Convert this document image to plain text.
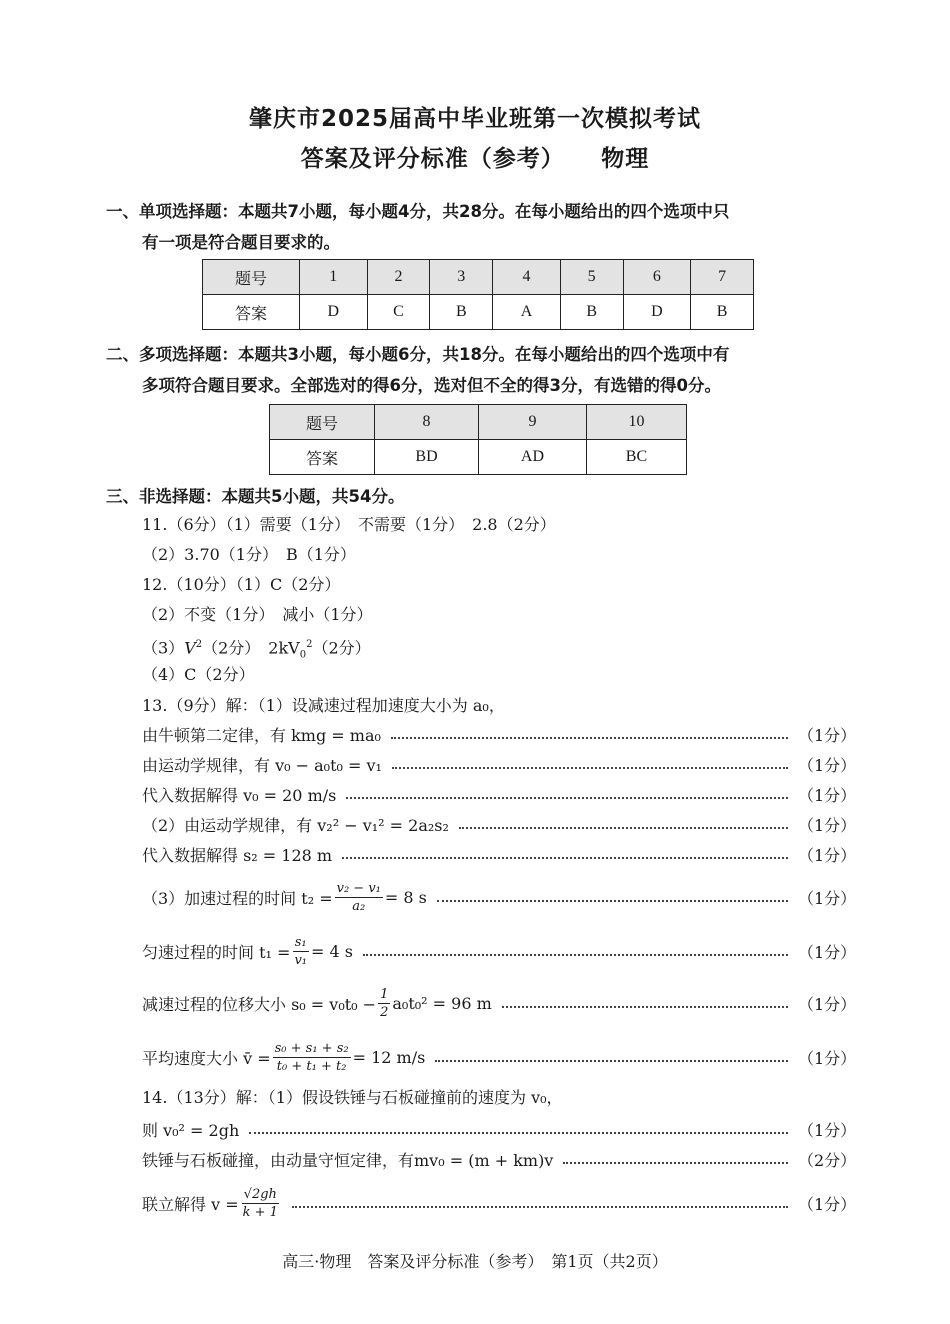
肇庆市2025届高中毕业班第一次模拟考试
答案及评分标准（参考）　　物理
一、单项选择题：本题共7小题，每小题4分，共28分。在每小题给出的四个选项中只
有一项是符合题目要求的。
题号	1	2	3	4	5	6	7
答案	D	C	B	A	B	D	B
二、多项选择题：本题共3小题，每小题6分，共18分。在每小题给出的四个选项中有
多项符合题目要求。全部选对的得6分，选对但不全的得3分，有选错的得0分。
题号	8	9	10
答案	BD	AD	BC
三、非选择题：本题共5小题，共54分。
11.（6分）（1）需要（1分）　不需要（1分）　2.8（2分）
（2）3.70（1分）　B（1分）
12.（10分）（1）C（2分）
（2）不变（1分）　减小（1分）
$(3)V^2(2$分）　$2kV_0^2(2$分）
（4）C（2分）
13.（9分）解：（1）设减速过程加速度大小为 a₀，
由牛顿第二定律，有 kmg = ma₀	（1分）
由运动学规律，有 v₀ − a₀t₀ = v₁	（1分）
代入数据解得 v₀ = 20 m/s	（1分）
（2）由运动学规律，有 v₂² − v₁² = 2a₂s₂	（1分）
代入数据解得 s₂ = 128 m	（1分）
（3）加速过程的时间 $t_2 = \frac{\text{v₂ − v₁}}{\text{a₂}} = 8$ s	（1分）
匀速过程的时间 $t_1 = \frac{\text{s₁}}{\text{v₁}} = 4$ s	（1分）
减速过程的位移大小 $s_0 = v_0t_0 - \frac{1}{2} a_0t_0^2 = 96$ m	（1分）
平均速度大小 v̄ = $\frac{\text{s₀ + s₁ + s₂}}{\text{t₀ + t₁ + t₂}} = 12$ m/s	（1分）
14.（13分）解：（1）假设铁锤与石板碰撞前的速度为 v₀，
则 v₀² = 2gh	（1分）
铁锤与石板碰撞，由动量守恒定律，有mv₀ = (m + km)v	（2分）
联立解得 $v = \frac{√2gh}{k + 1}$	（1分）
高三·物理　答案及评分标准（参考）　第1页（共2页）
